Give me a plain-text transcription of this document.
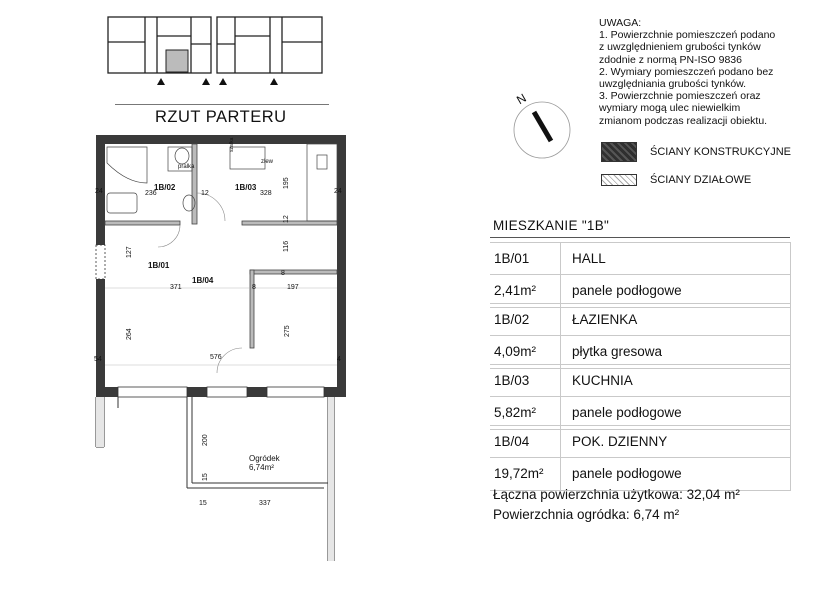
RZUT PARTERU
1B/02	1B/03
1B/01
1B/04
pralka
zlew
szafka
236	12	328
195
12
127	116
371	8	197
8
264	275
576
24	24
54	4
200
15
15	337
Ogródek
6,74m²
UWAGA:
1. Powierzchnie pomieszczeń podano
z uwzględnieniem grubości tynków
zdodnie z normą PN-ISO 9836
2. Wymiary pomieszczeń podano bez
uwzględniania grubości tynków.
3. Powierzchnie pomieszczeń oraz
wymiary mogą ulec niewielkim
zmianom podczas realizacji obiektu.
N
ŚCIANY KONSTRUKCYJNE
ŚCIANY DZIAŁOWE
MIESZKANIE "1B"
1B/01	HALL
2,41m²	panele podłogowe
1B/02	ŁAZIENKA
4,09m²	płytka gresowa
1B/03	KUCHNIA
5,82m²	panele podłogowe
1B/04	POK. DZIENNY
19,72m² panele podłogowe
Łączna powierzchnia użytkowa: 32,04 m²
Powierzchnia ogródka: 6,74 m²
